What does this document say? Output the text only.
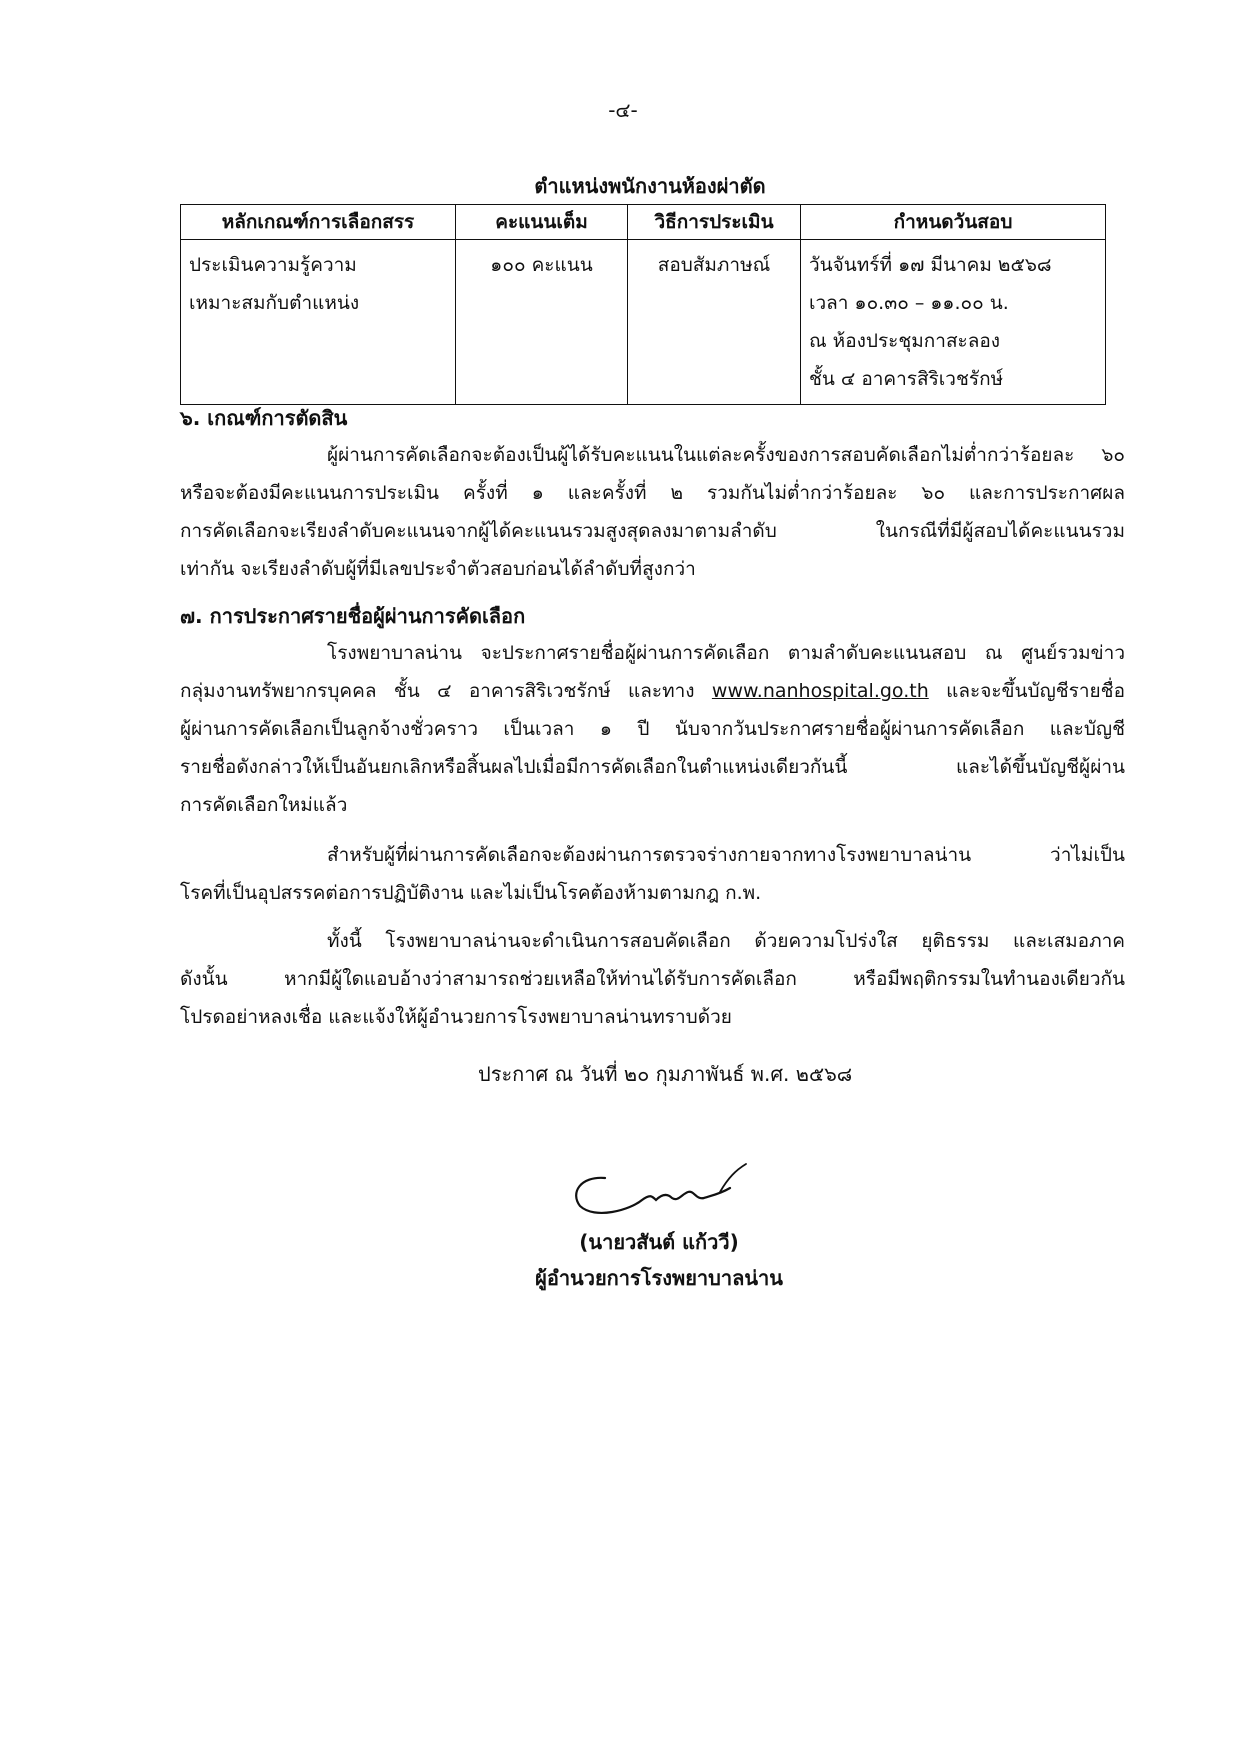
-๔-
ตำแหน่งพนักงานห้องผ่าตัด
หลักเกณฑ์การเลือกสรร	คะแนนเต็ม	วิธีการประเมิน	กำหนดวันสอบ

ประเมินความรู้ความ
เหมาะสมกับตำแหน่ง	๑๐๐ คะแนน	สอบสัมภาษณ์	วันจันทร์ที่ ๑๗ มีนาคม ๒๕๖๘
เวลา ๑๐.๓๐ – ๑๑.๐๐ น.
ณ ห้องประชุมกาสะลอง
ชั้น ๔ อาคารสิริเวชรักษ์
๖. เกณฑ์การตัดสิน
ผู้ผ่านการคัดเลือกจะต้องเป็นผู้ได้รับคะแนนในแต่ละครั้งของการสอบคัดเลือกไม่ต่ำกว่าร้อยละ ๖๐
หรือจะต้องมีคะแนนการประเมิน ครั้งที่ ๑ และครั้งที่ ๒ รวมกันไม่ต่ำกว่าร้อยละ ๖๐ และการประกาศผล
การคัดเลือกจะเรียงลำดับคะแนนจากผู้ได้คะแนนรวมสูงสุดลงมาตามลำดับ ในกรณีที่มีผู้สอบได้คะแนนรวม
เท่ากัน จะเรียงลำดับผู้ที่มีเลขประจำตัวสอบก่อนได้ลำดับที่สูงกว่า
๗. การประกาศรายชื่อผู้ผ่านการคัดเลือก
โรงพยาบาลน่าน จะประกาศรายชื่อผู้ผ่านการคัดเลือก ตามลำดับคะแนนสอบ ณ ศูนย์รวมข่าว
กลุ่มงานทรัพยากรบุคคล ชั้น ๔ อาคารสิริเวชรักษ์ และทาง www.nanhospital.go.th และจะขึ้นบัญชีรายชื่อ
ผู้ผ่านการคัดเลือกเป็นลูกจ้างชั่วคราว เป็นเวลา ๑ ปี นับจากวันประกาศรายชื่อผู้ผ่านการคัดเลือก และบัญชี
รายชื่อดังกล่าวให้เป็นอันยกเลิกหรือสิ้นผลไปเมื่อมีการคัดเลือกในตำแหน่งเดียวกันนี้ และได้ขึ้นบัญชีผู้ผ่าน
การคัดเลือกใหม่แล้ว
สำหรับผู้ที่ผ่านการคัดเลือกจะต้องผ่านการตรวจร่างกายจากทางโรงพยาบาลน่าน ว่าไม่เป็น
โรคที่เป็นอุปสรรคต่อการปฏิบัติงาน และไม่เป็นโรคต้องห้ามตามกฎ ก.พ.
ทั้งนี้ โรงพยาบาลน่านจะดำเนินการสอบคัดเลือก ด้วยความโปร่งใส ยุติธรรม และเสมอภาค
ดังนั้น หากมีผู้ใดแอบอ้างว่าสามารถช่วยเหลือให้ท่านได้รับการคัดเลือก หรือมีพฤติกรรมในทำนองเดียวกัน
โปรดอย่าหลงเชื่อ และแจ้งให้ผู้อำนวยการโรงพยาบาลน่านทราบด้วย
ประกาศ ณ วันที่ ๒๐ กุมภาพันธ์ พ.ศ. ๒๕๖๘
(นายวสันต์ แก้ววี)
ผู้อำนวยการโรงพยาบาลน่าน
